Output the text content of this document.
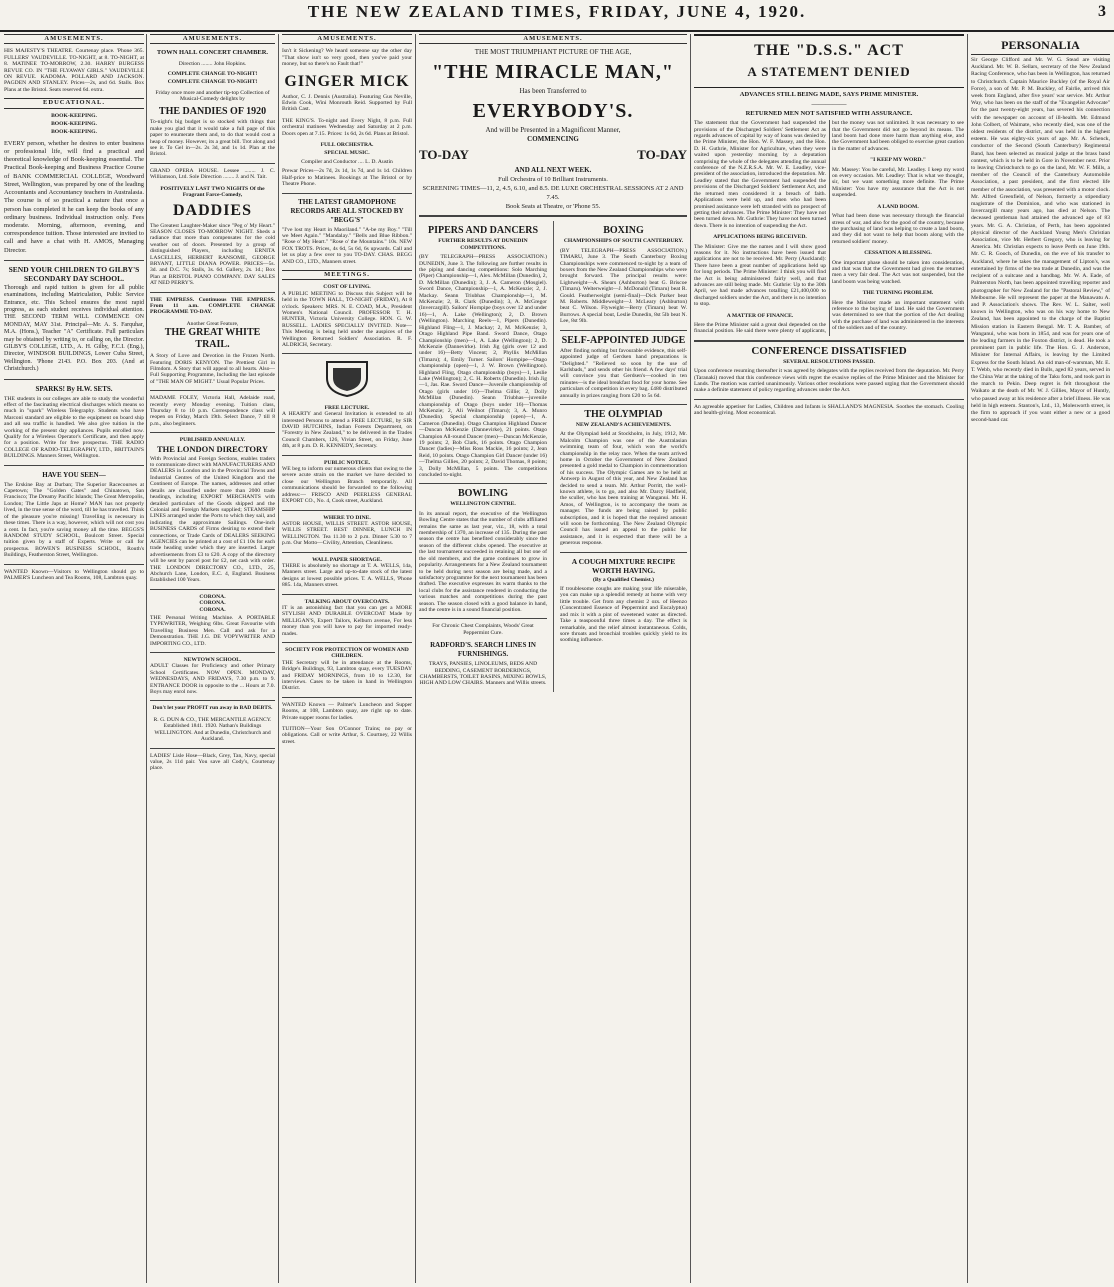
THE NEW ZEALAND TIMES, FRIDAY, JUNE 4, 1920.	3
AMUSEMENTS.
HIS MAJESTY'S THEATRE. Courtenay place. 'Phone 365. FULLERS' VAUDEVILLE. TO-NIGHT, at 8. TO-NIGHT, at 8. MATINEE TO-MORROW, 2.30. HARRY BURGESS REVUE CO. IN "THE FLYAWAY GIRLS." VAUDEVILLE ON REVUE. KADOMA. POLLARD AND JACKSON. PAGDEN AND STANLEY. Prices—2s, and 6d. Stalls. Box Plans at the Bristol. Seats reserved 6d. extra.
EDUCATIONAL.
BOOK-KEEPING.
BOOK-KEEPING.
BOOK-KEEPING.
EVERY person, whether he desires to enter business or professional life, will find a practical and theoretical knowledge of Book-keeping essential. The Practical Book-keeping and Business Practice Course of BANK COMMERCIAL COLLEGE, Woodward Street, Wellington, was prepared by one of the leading Accountants and Accountancy teachers in Australasia. The course is of so practical a nature that once a person has completed it he can keep the books of any ordinary business. Individual instruction only. Fees moderate. Morning, afternoon, evening, and correspondence tuition. Those interested are invited to call and have a chat with H. AMOS, Managing Director.
SEND YOUR CHILDREN TO GILBY'S SECONDARY DAY SCHOOL.
Thorough and rapid tuition is given for all public examinations, including Matriculation, Public Service Entrance, etc. This School ensures the most rapid progress, as each student receives individual attention. THE SECOND TERM WILL COMMENCE ON MONDAY, MAY 31st. Principal—Mr. A. S. Farquhar, M.A. (Hons.), Teacher "A" Certificate. Full particulars may be obtained by writing to, or calling on, the Director. GILBY'S COLLEGE, LTD., A. H. Gilby, F.C.I. (Eng.), Director, WINDSOR BUILDINGS, Lower Cuba Street, Wellington. 'Phone 2143. P.O. Box 203. (And at Christchurch.)
SPARKS! By H.W. SETS.
THE students in our colleges are able to study the wonderful effect of the fascinating electrical discharges which means so much in "spark" Wireless Telegraphy. Students who have Marconi standard are eligible to the equipment on board ship and all sea traffic is handled. We also give tuition in the working of the present day appliances. Pupils enrolled now. Qualify for a Wireless Operator's Certificate, and then apply for a position. Write for free prospectus. THE RADIO COLLEGE OF RADIO-TELEGRAPHY, LTD., BRITTAIN'S BUILDINGS. Manners Street, Wellington.
HAVE YOU SEEN—
The Erskine Bay at Durban; The Superior Racecourses at Capetown; The "Golden Gates" and Chinatown, San Francisco; The Dreamy Pacific Islands; The Great Metropolis, London; The Little Japs at Home? MAN has not properly lived, in the true sense of the word, till he has travelled. Think of the pleasure you're missing! Travelling is necessary in these times. There is a way, however, which will not cost you a cent. In fact, you're saving money all the time. BEGGS'S RANDOM STUDY SCHOOL, Boulcott Street. Special tuition given by a staff of Experts. Write or call for prospectus. BOWEN'S BUSINESS SCHOOL, Routh's Buildings, Featherston Street, Wellington.
WANTED Known—Visitors to Wellington should go to PALMER'S Luncheon and Tea Rooms, 108, Lambton quay.
AMUSEMENTS.
TOWN HALL CONCERT CHAMBER.
Direction ........ John Hopkins.
COMPLETE CHANGE TO-NIGHT!
COMPLETE CHANGE TO-NIGHT!
Friday once more and another tip-top Collection of Musical-Comedy delights by
THE DANDIES OF 1920
To-night's big budget is so stocked with things that make you glad that it would take a full page of this paper to enumerate them and, to do that would cost a heap of money. However, its a great bill. Trot along and see it. To Gel in—2s. 2s 3d, and 1s 1d. Plan at the Bristol.
GRAND OPERA HOUSE. Lessee ........ J. C. Williamson, Ltd. Sole Direction ........ J. and N. Tait.
POSITIVELY LAST TWO NIGHTS Of the Fragrant Farce-Comedy,
DADDIES
The Greatest Laughter-Maker since "Peg o' My Heart." SEASON CLOSES TO-MORROW NIGHT. Sheds a radiance that more than compensates for the cold weather out of doors. Presented by a group of distinguished Players, including ERNITA LASCELLES, HERBERT RANSOME, GEORGE BRYANT, LITTLE DIANA POWER. PRICES—5s. 3d. and D.C. 7s; Stalls, 3s. 6d. Gallery, 2s. 1d.; Box Plan at BRISTOL PIANO COMPANY. DAY SALES AT NED PERRY'S.
THE EMPRESS. Continuous THE EMPRESS. From 11 a.m. COMPLETE CHANGE PROGRAMME TO-DAY.
Another Great Feature,
THE GREAT WHITE TRAIL.
A Story of Love and Devotion in the Frozen North. Featuring DORIS KENYON. The Prettiest Girl in Filmdom. A Story that will appeal to all hearts. Also—Full Supporting Programme, Including the last episode of "THE MAN OF MIGHT." Usual Popular Prices.
MADAME FOLEY, Victoria Hall, Adelaide road, recently every Monday evening. Tuition class, Thursday 8 to 10 p.m. Correspondence class will reopen on Friday, March 19th. Select Dance, 7 till 8 p.m., also beginners.
PUBLISHED ANNUALLY.
THE LONDON DIRECTORY
With Provincial and Foreign Sections, enables traders to communicate direct with MANUFACTURERS AND DEALERS in London and in the Provincial Towns and Industrial Centres of the United Kingdom and the Continent of Europe. The names, addresses and other details are classified under more than 2000 trade headings, including EXPORT MERCHANTS with detailed particulars of the Goods shipped and the Colonial and Foreign Markets supplied; STEAMSHIP LINES arranged under the Ports to which they sail, and indicating the approximate Sailings. One-inch BUSINESS CARDS of Firms desiring to extend their connections, or Trade Cards of DEALERS SEEKING AGENCIES can be printed at a cost of £1 10s for each trade heading under which they are inserted. Larger advertisements from £3 to £20. A copy of the directory will be sent by parcel post for £2, net cash with order. THE LONDON DIRECTORY CO., LTD., 25, Abchurch Lane, London, E.C. 4, England. Business Established 100 Years.
CORONA.
CORONA.
CORONA.
THE Personal Writing Machine. A PORTABLE TYPEWRITER, Weighing 6lbs. Great Favourite with Travelling Business Men. Call and ask for a Demonstration. THE J.G. DE VOPYWRITER AND IMPORTING CO., LTD.
NEWTOWN SCHOOL.
ADULT Classes for Proficiency and other Primary School Certificates. NOW OPEN. MONDAY, WEDNESDAYS, AND FRIDAYS, 7.30 p.m. to 9. ENTRANCE DOOR in opposite to the ... Hours at 7.0. Boys may enrol now.
Don't let your PROFIT run away in BAD DEBTS.
R. G. DUN & CO., THE MERCANTILE AGENCY. Established 1841. 1920. Nathan's Buildings WELLINGTON. And at Dunedin, Christchurch and Auckland.
LADIES' Lisle Hose—Black, Grey, Tan, Navy, special value, 2s 11d pair. You save all Cody's, Courtenay place.
AMUSEMENTS.
Isn't it Sickening? We heard someone say the other day "That show isn't so very good, then you've paid your money, but so there's no Fault that!"
GINGER MICK
Author, C. J. Dennis (Australia). Featuring Gus Neville, Edwin Cook, Wini Monrouth Reid. Supported by Full British Cast.
THE KING'S. To-night and Every Night, 8 p.m. Full orchestral matinees Wednesday and Saturday at 2 p.m. Doors open at 7.15. Prices: 1s 6d, 2s 6d. Plans at Bristol.
FULL ORCHESTRA.
SPECIAL MUSIC.
Compiler and Conductor .... L. D. Austin
Prewar Prices—2s 7d, 2s 1d, 1s 7d, and 1s 1d. Children Half-price to Matinees. Bookings at The Bristol or by Theatre Phone.
THE LATEST GRAMOPHONE RECORDS ARE ALL STOCKED BY "BEGG'S"
"I've lost my Heart in Maoriland." "A-be my Boy." "Till we Meet Again." "Mandalay." "Bells and Blue Ribbon." "Rose o' My Heart." "Rose o' the Mountains." 10s. NEW FOX TROTS. Prices, 4s 6d, 5s 6d, 6s upwards. Call and let us play a few over to you TO-DAY. CHAS. BEGG AND CO., LTD., Manners street.
MEETINGS.
COST OF LIVING.
A PUBLIC MEETING to Discuss this Subject will be held in the TOWN HALL, TO-NIGHT (FRIDAY), At 8 o'clock. Speakers: MRS. N. E. COAD, M.A., President Women's National Council. PROFESSOR T. H. HUNTER, Victoria University College. HON. G. W. RUSSELL. LADIES SPECIALLY INVITED. Note—This Meeting is being held under the auspices of the Wellington Returned Soldiers' Association. R. F. ALDRICH, Secretary.
FREE LECTURE.
A HEARTY and General Invitation is extended to all interested Persons to attend a FREE LECTURE, by SIR DAVID HUTCHINS, Indian Forests Department, on "Forestry in New Zealand," to be delivered in the Trades Council Chambers, 126, Vivian Street, on Friday, June 4th, at 8 p.m. D. R. KENNEDY, Secretary.
PUBLIC NOTICE.
WE beg to inform our numerous clients that owing to the severe acute strain on the market we have decided to close our Wellington Branch temporarily. All communications should be forwarded to the following address:— FRISCO AND PEERLESS GENERAL EXPORT CO., No. 4, Cook street, Auckland.
WHERE TO DINE.
ASTOR HOUSE, WILLIS STREET. ASTOR HOUSE, WILLIS STREET. BEST DINNER, LUNCH IN WELLINGTON. Tea 11.30 to 2 p.m. Dinner 5.30 to 7 p.m. Our Motto—Civility, Attention, Cleanliness.
WALL PAPER SHORTAGE.
THERE is absolutely no shortage at T. A. WELLS, 14a, Manners street. Large and up-to-date stock of the latest designs at lowest possible prices. T. A. WELLS, 'Phone 885. 14a, Manners street.
TALKING ABOUT OVERCOATS.
IT is an astonishing fact that you can get a MORE STYLISH AND DURABLE OVERCOAT Made by MILLIGAN'S, Expert Tailors, Kelburn avenue, For less money than you will have to pay for imported ready-mades.
SOCIETY FOR PROTECTION OF WOMEN AND CHILDREN.
THE Secretary will be in attendance at the Rooms, Bridge's Buildings, 93, Lambton quay, every TUESDAY and FRIDAY MORNINGS, from 10 to 12.30, for interviews. Cases to be taken in hand in Wellington District.
WANTED Known — Palmer's Luncheon and Supper Rooms, at 108, Lambton quay, are right up to date. Private supper rooms for ladies.
TUITION—Your Son O'Connor Trains; no pay or obligations. Call or write Arthur, S. Courtney, 22 Willis street.
AMUSEMENTS.
THE MOST TRIUMPHANT PICTURE OF THE AGE,
"THE MIRACLE MAN,"
Has been Transferred to
EVERYBODY'S.
And will be Presented in a Magnificent Manner,
COMMENCING
TO-DAY	TO-DAY
AND ALL NEXT WEEK.
Full Orchestra of 10 Brilliant Instruments.
SCREENING TIMES—11, 2, 4.5, 6.10, and 8.5. DE LUXE ORCHESTRAL SESSIONS AT 2 AND 7.45.
Book Seats at Theatre, or 'Phone 55.
PIPERS AND DANCERS
FURTHER RESULTS AT DUNEDIN COMPETITIONS.
(BY TELEGRAPH—PRESS ASSOCIATION.) DUNEDIN, June 3. The following are further results in the piping and dancing competitions: Solo Marching (Piper) Championship—1, Alex. McMillan (Dunedin), 2, D. McMillan (Dunedin); 3, J. A. Cameron (Mosgiel). Sword Dance, Championship—1, A. McKenzie; 2, J. Mackay. Seann Triubhas Championship—1, M. McKenzie; 2, R. Clark (Dunedin); 3, A. McGregor (Invercargill). Sailors' Hornpipe (boys over 12 and under 16)—1, A. Lake (Wellington); 2, D. Brown (Wellington). Marching Reels—1, Pipers (Dunedin). Highland Fling—1, J. Mackay; 2, M. McKenzie; 3, Otago Highland Pipe Band. Sword Dance, Otago Championship (men)—1, A. Lake (Wellington); 2, D. McKenzie (Dannevirke). Irish Jig (girls over 12 and under 16)—Betty Vincent; 2, Phyllis McMillan (Timaru); 4, Emily Turner. Sailors' Hornpipe—Otago championship (open)—1, J. W. Brown (Wellington). Highland Fling, Otago championship (boys)—1, Leslie Lake (Wellington); 2, C. H. Roberts (Dunedin). Irish Jig—1, Jas. Rae. Sword Dance—Juvenile championship of Otago (girls under 16)—Thelma Gillie; 2, Dolly McMillan (Dunedin). Seann Triubhas—juvenile championship of Otago (boys under 16)—Thomas McKenzie; 2, Ali Weilnot (Timaru); 3, A. Munro (Dunedin). Special championship (open)—1, A. Cameron (Dunedin). Otago Champion Highland Dancer—Duncan McKenzie (Dannevirke), 21 points. Otago Champion All-round Dancer (men)—Duncan McKenzie, 19 points; 2, Bob Clark, 16 points. Otago Champion Dancer (ladies)—Miss Ross Mackie, 16 points; 2, Jean Reid, 10 points. Otago Champion Girl Dancer (under 16)—Thelma Gillies, 20 points; 2, David Thomas, 8 points; 3, Dolly McMillan, 5 points. The competitions concluded to-night.
BOWLING
WELLINGTON CENTRE.
In its annual report, the executive of the Wellington Bowling Centre states that the number of clubs affiliated remains the same as last year, viz., 18, with a total membership of 1370, an increase of 135. During the past season the centre has benefited considerably since the season of the different clubs opened. The executive at the last tournament succeeded in retaining all but one of the old members, and the game continues to grow in popularity. Arrangements for a New Zealand tournament to be held during next season are being made, and a satisfactory programme for the next tournament has been drafted. The executive expresses its warm thanks to the local clubs for the assistance rendered in conducting the various matches and competitions during the past season. The season closed with a good balance in hand, and the centre is in a sound financial position.
For Chronic Chest Complaints, Woods' Great Peppermint Cure.
RADFORD'S. SEARCH LINES IN FURNISHINGS.
TRAYS, PANSIES, LINOLEUMS, BEDS AND BEDDING, CASEMENT BORDERINGS, CHAMBERSTS, TOILET BASINS, MIXING BOWLS, HIGH AND LOW CHAIRS. Manners and Willis streets.
BOXING
CHAMPIONSHIPS OF SOUTH CANTERBURY.
(BY TELEGRAPH—PRESS ASSOCIATION.) TIMARU, June 3. The South Canterbury Boxing Championships were commenced to-night by a team of boxers from the New Zealand Championships who were brought forward. The principal results were: Lightweight—A. Shears (Ashburton) beat G. Briscoe (Timaru). Welterweight—J. McDonald (Timaru) beat R. Gould. Featherweight (semi-final)—Dick Parker beat M. Roberts. Middleweight—J. McLeary (Ashburton) beat C. Wilson. Flyweight—Berry (Timaru) beat W. Burrows. A special bout, Leslie Dunedin, 8st 5lb beat N. Lee, 8st 9lb.
SELF-APPOINTED JUDGE
After finding nothing but favourable evidence, this self-appointed judge of Gerdsen hand preparations is "Delighted." "Relieved so soon by the use of Karlsbads," and sends other his friend. A few days' trial will convince you that Gerdsen's—cooked in ten minutes—is the ideal breakfast food for your home. See particulars of competition in every bag. £480 distributed annually in prizes ranging from £20 to 5s 6d.
THE OLYMPIAD
NEW ZEALAND'S ACHIEVEMENTS.
At the Olympiad held at Stockholm, in July, 1912, Mr. Malcolm Champion was one of the Australasian swimming team of four, which won the world's championship in the relay race. When the team arrived home in October the Government of New Zealand presented a gold medal to Champion in commemoration of his success. The Olympic Games are to be held at Antwerp in August of this year, and New Zealand has decided to send a team. Mr. Arthur Porritt, the well-known athlete, is to go, and also Mr. Darcy Hadfield, the sculler, who has been training at Wanganui. Mr. H. Amos, of Wellington, is to accompany the team as manager. The funds are being raised by public subscription, and it is hoped that the required amount will soon be forthcoming. The New Zealand Olympic Council has issued an appeal to the public for assistance, and it is expected that there will be a generous response.
A COUGH MIXTURE RECIPE WORTH HAVING.
(By a Qualified Chemist.)
If troublesome coughs are making your life miserable, you can make up a splendid remedy at home with very little trouble. Get from any chemist 2 ozs. of Heenzo (Concentrated Essence of Peppermint and Eucalyptus) and mix it with a pint of sweetened water as directed. Take a teaspoonful three times a day. The effect is remarkable, and the relief almost instantaneous. Colds, sore throats and bronchial troubles quickly yield to its soothing influence.
THE "D.S.S." ACT
A STATEMENT DENIED
ADVANCES STILL BEING MADE, SAYS PRIME MINISTER.
—————
RETURNED MEN NOT SATISFIED WITH ASSURANCE.
The statement that the Government had suspended the provisions of the Discharged Soldiers' Settlement Act as regards advances of capital by way of loans was denied by the Prime Minister, the Hon. W. F. Massey, and the Hon. D. H. Guthrie, Minister for Agriculture, when they were waited upon yesterday morning by a deputation comprising the whole of the delegates attending the annual conference of the N.Z.R.S.A. Mr. W. E. Leadley, vice-president of the association, introduced the deputation. Mr. Leadley stated that the Government had suspended the provisions of the Discharged Soldiers' Settlement Act, and the returned men considered it a breach of faith. Applications were held up, and men who had been promised assistance were left stranded with no prospect of getting their advances. The Prime Minister: They have not been turned down. Mr. Guthrie: They have not been turned down. There is no intention of suspending the Act.
APPLICATIONS BEING RECEIVED.
The Minister: Give me the names and I will show good reasons for it. No instructions have been issued that applications are not to be received. Mr. Perry (Auckland): There have been a great number of applications held up for long periods. The Prime Minister: I think you will find the Act is being administered fairly well, and that advances are still being made. Mr. Guthrie: Up to the 30th April, we had made advances totalling £21,400,000 to discharged soldiers under the Act, and there is no intention to stop.
A MATTER OF FINANCE.
Here the Prime Minister said a great deal depended on the financial position. He said there were plenty of applicants, but the money was not unlimited. It was necessary to see that the Government did not go beyond its means. The land boom had done more harm than anything else, and the Government had been obliged to exercise great caution in the matter of advances.
"I KEEP MY WORD."
Mr. Massey: You be careful, Mr. Leadley. I keep my word on every occasion. Mr. Leadley: That is what we thought, sir, but we want something more definite. The Prime Minister: You have my assurance that the Act is not suspended.
A LAND BOOM.
What had been done was necessary through the financial stress of war, and also for the good of the country, because the purchasing of land was helping to create a land boom, and they did not want to help that boom along with the returned soldiers' money.
CESSATION A BLESSING.
One important phase should be taken into consideration, and that was that the Government had given the returned men a very fair deal. The Act was not suspended, but the land boom was being watched.
THE TURNING PROBLEM.
Here the Minister made an important statement with reference to the buying of land. He said the Government was determined to see that the portion of the Act dealing with the purchase of land was administered in the interests of the soldiers and of the country.
CONFERENCE DISSATISFIED
SEVERAL RESOLUTIONS PASSED.
Upon conference resuming thereafter it was agreed by delegates with the replies received from the deputation. Mr. Perry (Taranaki) moved that this conference views with regret the evasive replies of the Prime Minister and the Minister for Lands. The motion was carried unanimously. Various other resolutions were passed urging that the Government should make a definite statement of policy regarding advances under the Act.
An agreeable appetiser for Ladies, Children and Infants is SHALLAND'S MAGNESIA. Soothes the stomach. Cooling and health-giving. Most economical.
PERSONALIA
Sir George Clifford and Mr. W. G. Stead are visiting Auckland. Mr. W. B. Sellars, secretary of the New Zealand Racing Conference, who has been in Wellington, has returned to Christchurch. Captain Maurice Buckley (of the Royal Air Force), a son of Mr. P. M. Buckley, of Fairlie, arrived this week from England, after five years' war service. Mr. Arthur Way, who has been on the staff of the "Evangelist Advocate" for the past twenty-eight years, has severed his connection with the newspaper on account of ill-health. Mr. Edmund John Colbert, of Waimate, who recently died, was one of the oldest residents of the district, and was held in the highest esteem. He was eighty-six years of age. Mr. A. Schenck, conductor of the Second (South Canterbury) Regimental Band, has been selected as musical judge at the brass band contest, which is to be held in Gore in November next. Prior to leaving Christchurch to go on the land, Mr. W. F. Mills, a member of the Council of the Canterbury Automobile Association, a past president, and the first elected life member of the association, was presented with a motor clock. Mr. Alfred Greenfield, of Nelson, formerly a stipendiary magistrate of the Dominion, and who was stationed in Invercargill many years ago, has died at Nelson. The deceased gentleman had attained the advanced age of 83 years. Mr. G. A. Christian, of Perth, has been appointed physical director of the Auckland Young Men's Christian Association, vice Mr. Herbert Gregory, who is leaving for America. Mr. Christian expects to leave Perth on June 19th. Mr. C. R. Gooch, of Dunedin, on the eve of his transfer to Auckland, where he takes the management of Lipton's, was entertained by firms of the tea trade at Dunedin, and was the recipient of a suitcase and a handbag. Mr. W. A. Eade, of Palmerston North, has been appointed travelling reporter and photographer for New Zealand for the "Pastoral Review," of Melbourne. He will represent the paper at the Manawatu A. and P. Association's shows. The Rev. W. L. Salter, well known in Wellington, who was on his way home to New Zealand, has been appointed to the charge of the Baptist Mission station in Eastern Bengal. Mr. T. A. Bamber, of Wanganui, who was born in 1854, and was for years one of the leading farmers in the Foxton district, is dead. He took a prominent part in public life. The Hon. G. J. Anderson, Minister for Internal Affairs, is leaving by the Limited Express for the South Island. An old man-of-warsman, Mr. E. T. Webb, who recently died in Bulls, aged 82 years, served in the China War at the taking of the Taku forts, and took part in the march to Pekin. Deep regret is felt throughout the Waikato at the death of Mr. W. J. Gillies, Mayor of Huntly, who passed away at his residence after a brief illness. He was held in high esteem. Stanton's, Ltd., 13, Molesworth street, is the firm to approach if you want either a new or a good second-hand car.
